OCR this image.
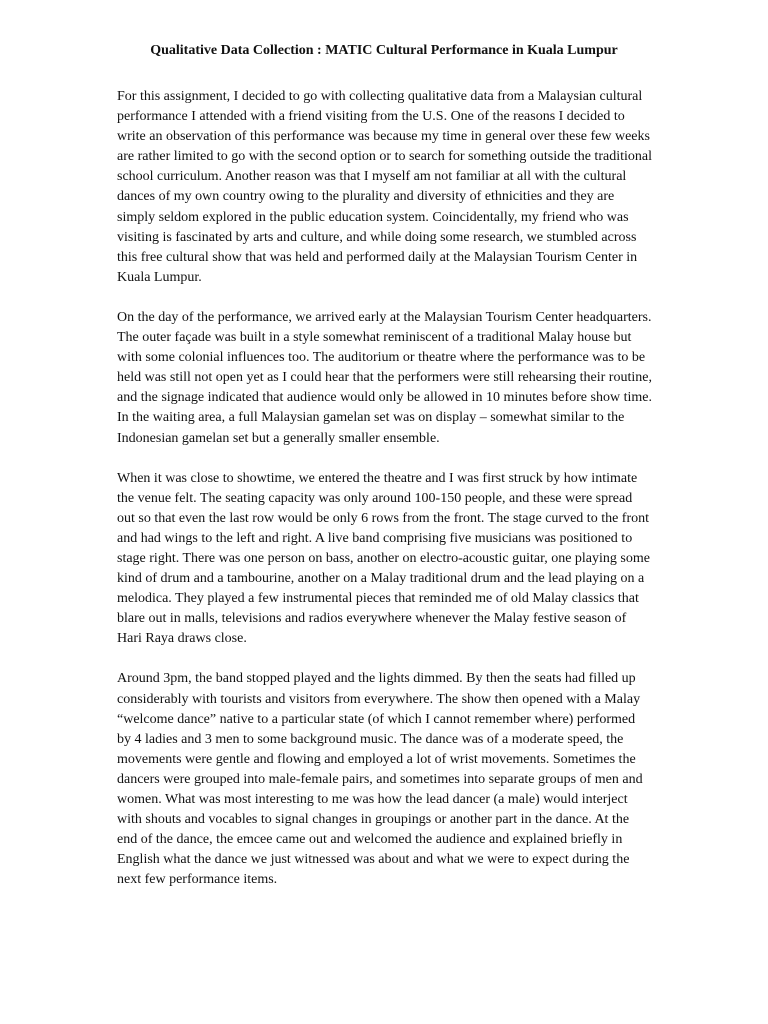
Qualitative Data Collection : MATIC Cultural Performance in Kuala Lumpur

For this assignment, I decided to go with collecting qualitative data from a Malaysian cultural performance I attended with a friend visiting from the U.S. One of the reasons I decided to write an observation of this performance was because my time in general over these few weeks are rather limited to go with the second option or to search for something outside the traditional school curriculum. Another reason was that I myself am not familiar at all with the cultural dances of my own country owing to the plurality and diversity of ethnicities and they are simply seldom explored in the public education system. Coincidentally, my friend who was visiting is fascinated by arts and culture, and while doing some research, we stumbled across this free cultural show that was held and performed daily at the Malaysian Tourism Center in Kuala Lumpur.

On the day of the performance, we arrived early at the Malaysian Tourism Center headquarters. The outer façade was built in a style somewhat reminiscent of a traditional Malay house but with some colonial influences too. The auditorium or theatre where the performance was to be held was still not open yet as I could hear that the performers were still rehearsing their routine, and the signage indicated that audience would only be allowed in 10 minutes before show time. In the waiting area, a full Malaysian gamelan set was on display – somewhat similar to the Indonesian gamelan set but a generally smaller ensemble.

When it was close to showtime, we entered the theatre and I was first struck by how intimate the venue felt. The seating capacity was only around 100-150 people, and these were spread out so that even the last row would be only 6 rows from the front. The stage curved to the front and had wings to the left and right. A live band comprising five musicians was positioned to stage right. There was one person on bass, another on electro-acoustic guitar, one playing some kind of drum and a tambourine, another on a Malay traditional drum and the lead playing on a melodica. They played a few instrumental pieces that reminded me of old Malay classics that blare out in malls, televisions and radios everywhere whenever the Malay festive season of Hari Raya draws close.

Around 3pm, the band stopped played and the lights dimmed. By then the seats had filled up considerably with tourists and visitors from everywhere. The show then opened with a Malay “welcome dance” native to a particular state (of which I cannot remember where) performed by 4 ladies and 3 men to some background music. The dance was of a moderate speed, the movements were gentle and flowing and employed a lot of wrist movements. Sometimes the dancers were grouped into male-female pairs, and sometimes into separate groups of men and women. What was most interesting to me was how the lead dancer (a male) would interject with shouts and vocables to signal changes in groupings or another part in the dance. At the end of the dance, the emcee came out and welcomed the audience and explained briefly in English what the dance we just witnessed was about and what we were to expect during the next few performance items.
